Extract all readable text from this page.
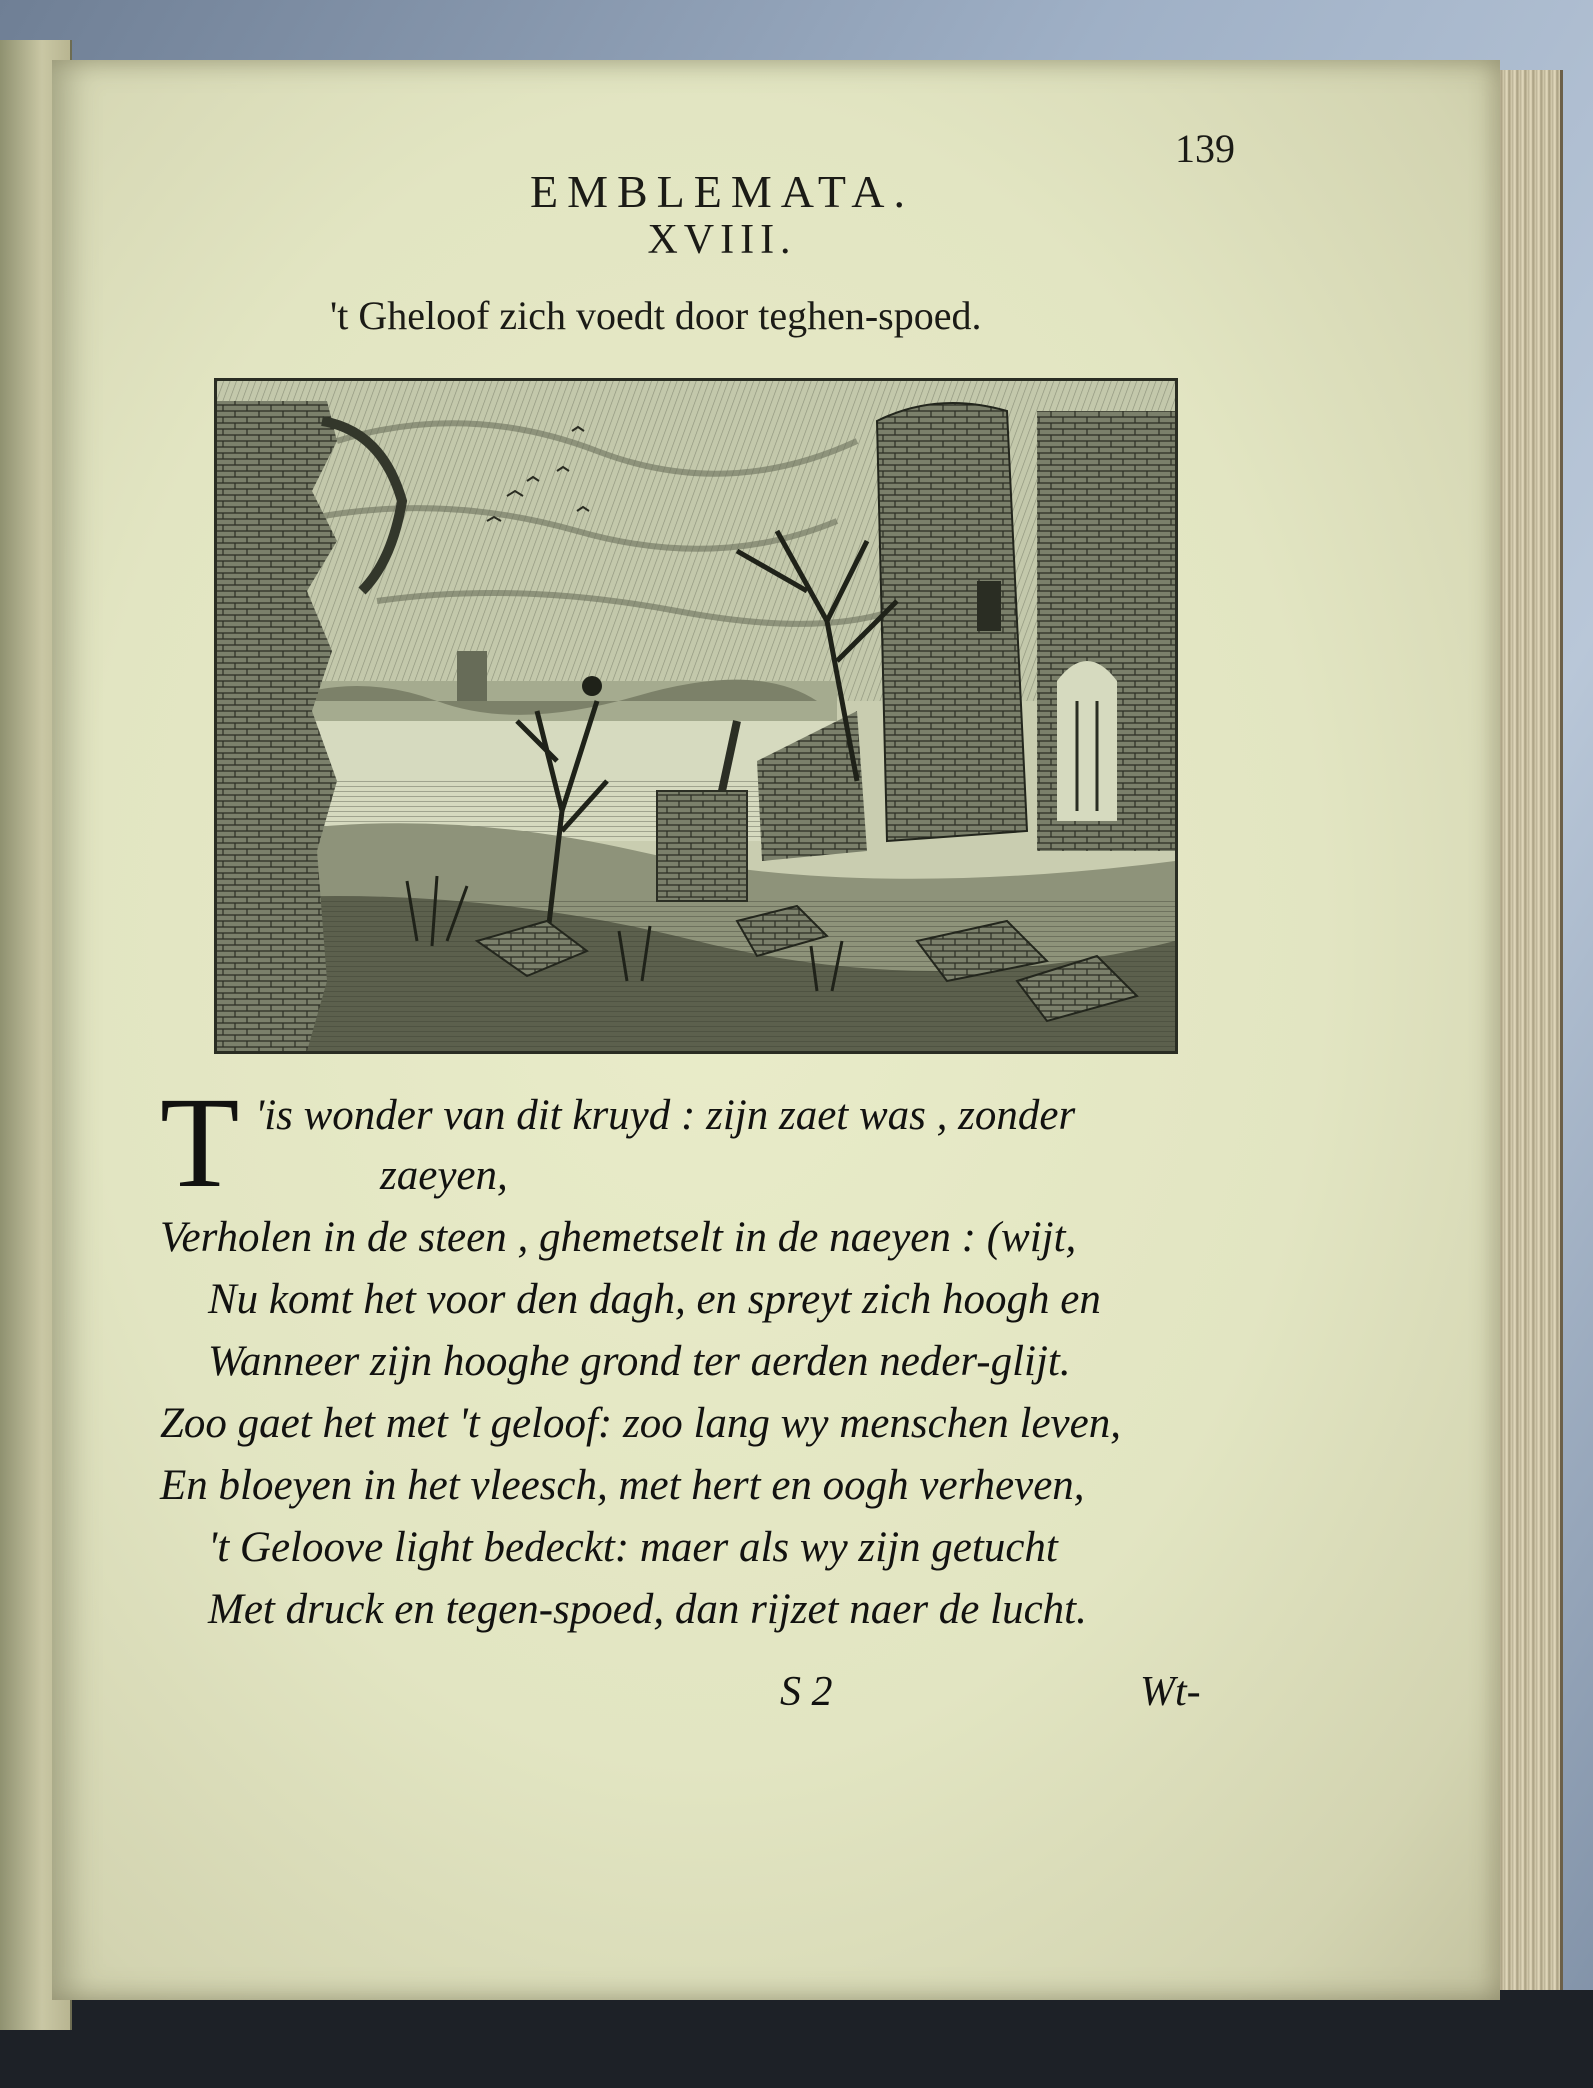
139
EMBLEMATA.
XVIII.
't Gheloof zich voedt door teghen-spoed.
T 'is wonder van dit kruyd : zijn zaet was , zonder
zaeyen,
Verholen in de steen , ghemetselt in de naeyen : (wijt,
Nu komt het voor den dagh, en spreyt zich hoogh en
Wanneer zijn hooghe grond ter aerden neder-glijt.
Zoo gaet het met 't geloof: zoo lang wy menschen leven,
En bloeyen in het vleesch, met hert en oogh verheven,
't Geloove light bedeckt: maer als wy zijn getucht
Met druck en tegen-spoed, dan rijzet naer de lucht.
S 2	Wt-
